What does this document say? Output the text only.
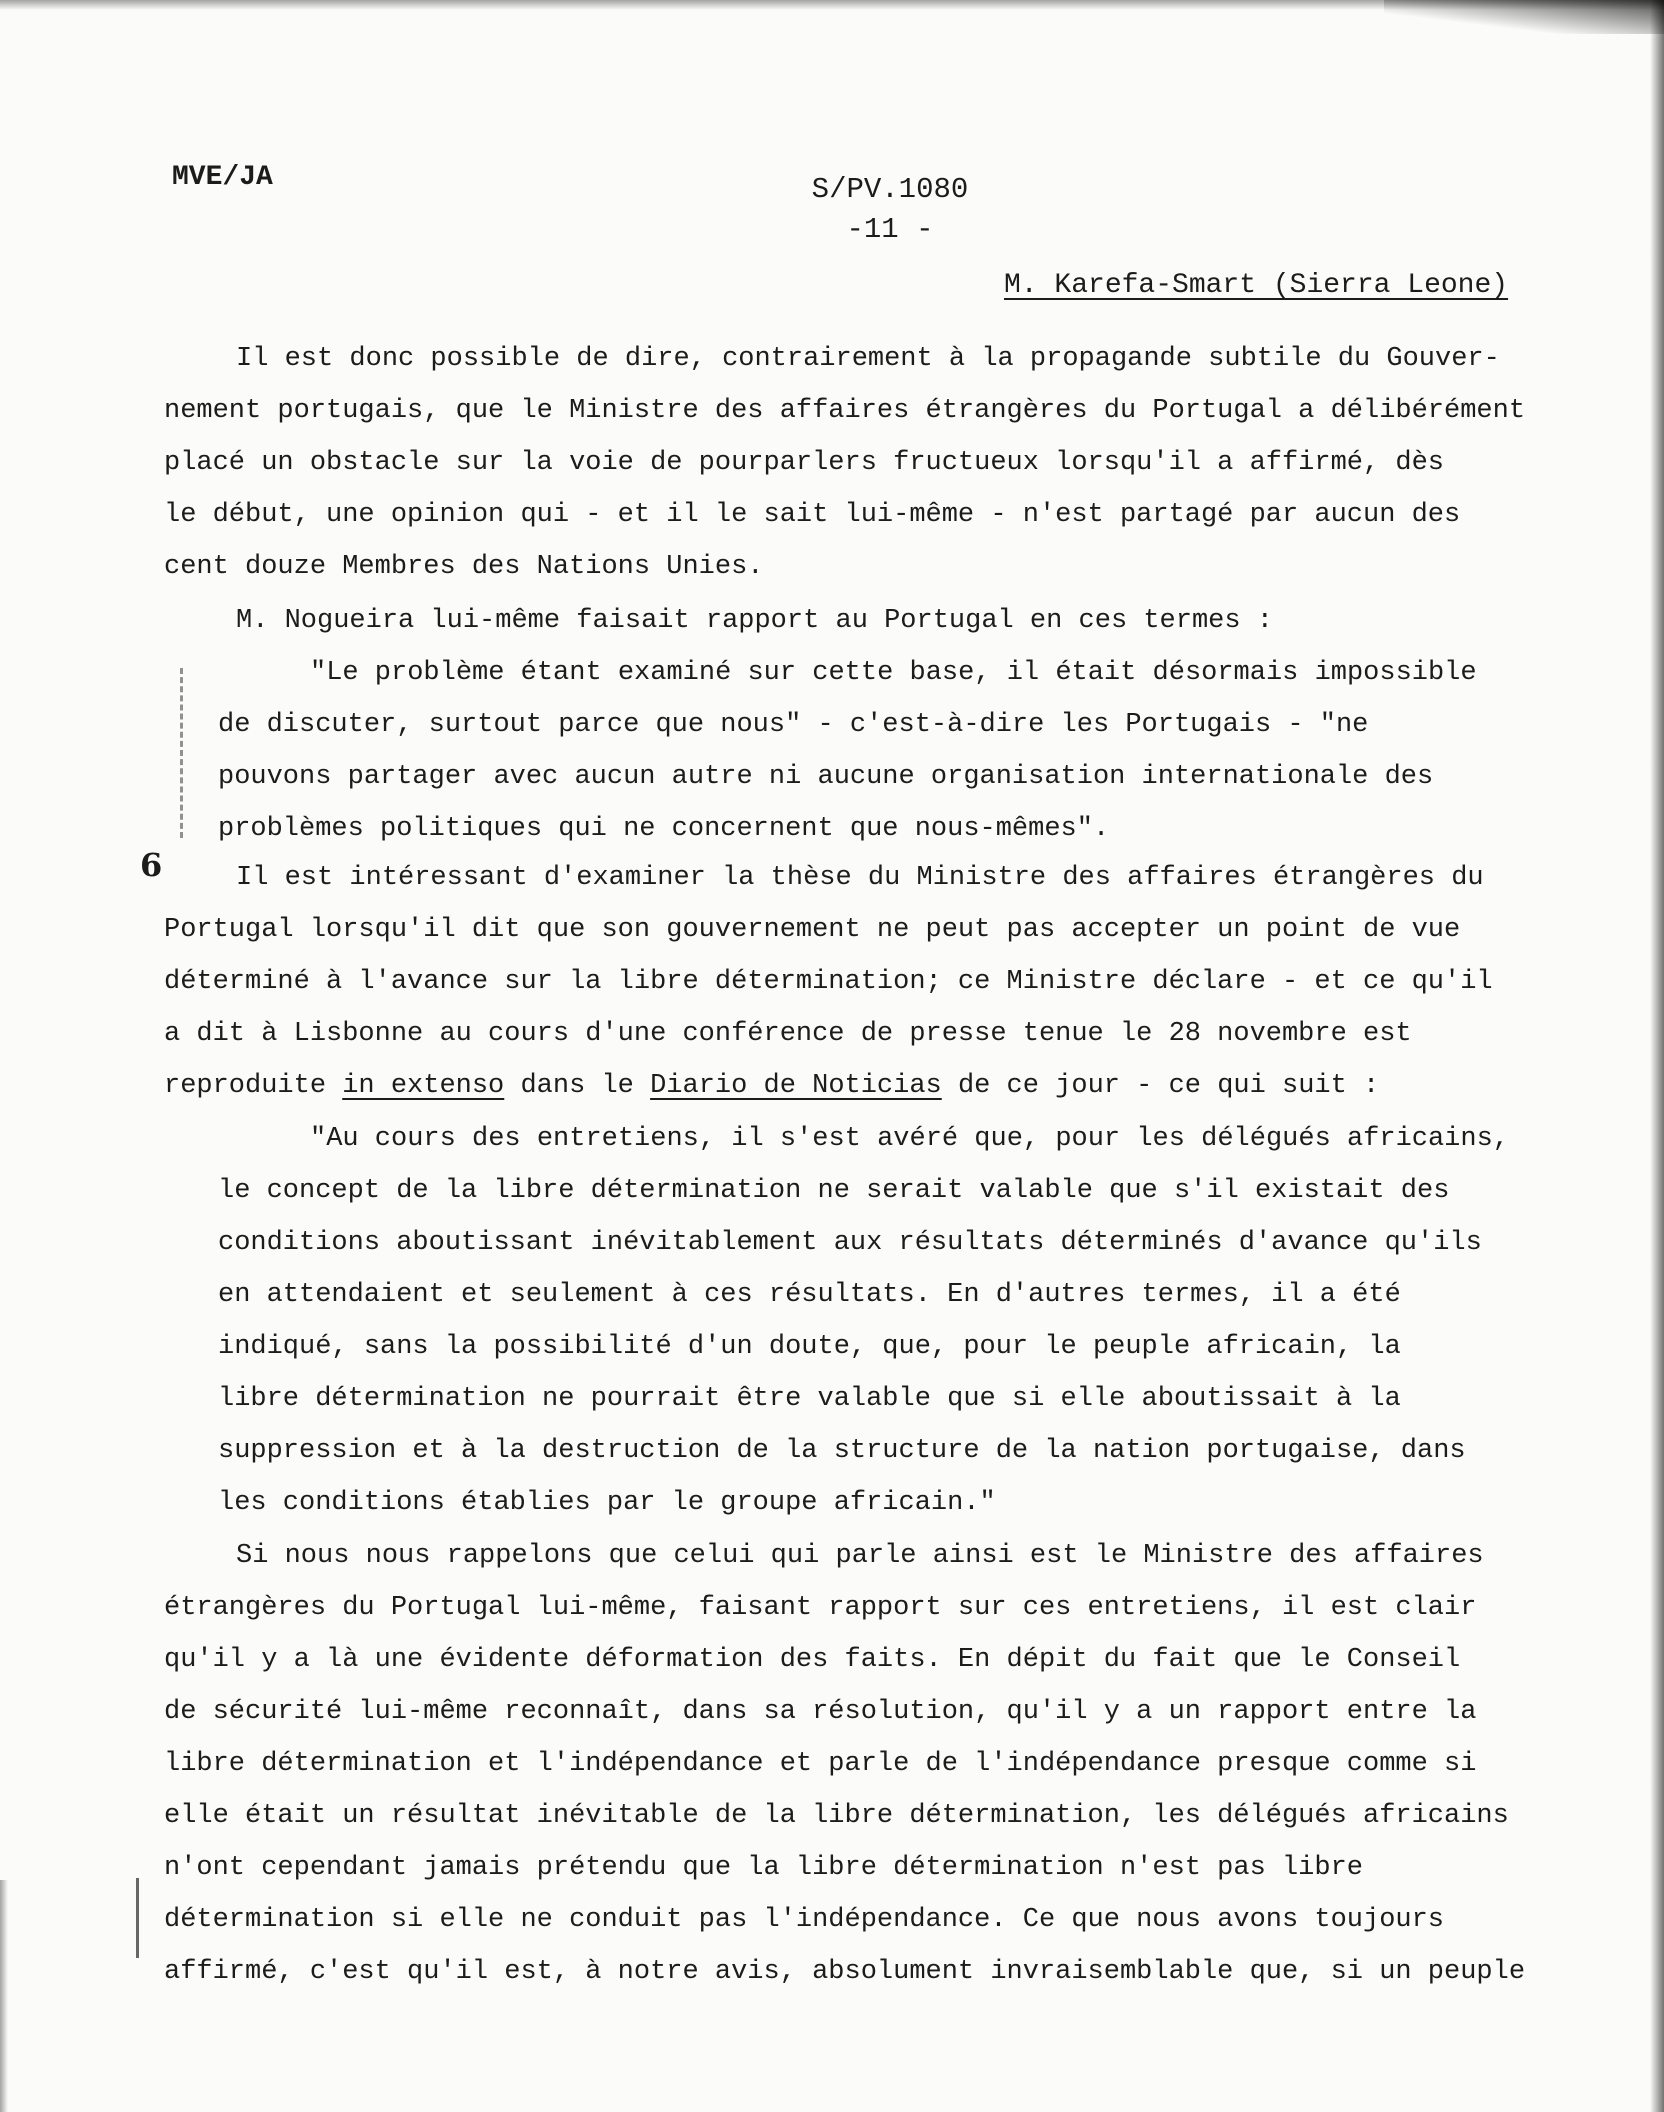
MVE/JA	S/PV.1080
-11 -
M. Karefa-Smart (Sierra Leone)
Il est donc possible de dire, contrairement à la propagande subtile du Gouver-
nement portugais, que le Ministre des affaires étrangères du Portugal a délibérément
placé un obstacle sur la voie de pourparlers fructueux lorsqu'il a affirmé, dès
le début, une opinion qui - et il le sait lui-même - n'est partagé par aucun des
cent douze Membres des Nations Unies.
M. Nogueira lui-même faisait rapport au Portugal en ces termes :
"Le problème étant examiné sur cette base, il était désormais impossible
de discuter, surtout parce que nous" - c'est-à-dire les Portugais - "ne
pouvons partager avec aucun autre ni aucune organisation internationale des
problèmes politiques qui ne concernent que nous-mêmes".
6	Il est intéressant d'examiner la thèse du Ministre des affaires étrangères du
Portugal lorsqu'il dit que son gouvernement ne peut pas accepter un point de vue
déterminé à l'avance sur la libre détermination; ce Ministre déclare - et ce qu'il
a dit à Lisbonne au cours d'une conférence de presse tenue le 28 novembre est
reproduite in extenso dans le Diario de Noticias de ce jour - ce qui suit :
"Au cours des entretiens, il s'est avéré que, pour les délégués africains,
le concept de la libre détermination ne serait valable que s'il existait des
conditions aboutissant inévitablement aux résultats déterminés d'avance qu'ils
en attendaient et seulement à ces résultats. En d'autres termes, il a été
indiqué, sans la possibilité d'un doute, que, pour le peuple africain, la
libre détermination ne pourrait être valable que si elle aboutissait à la
suppression et à la destruction de la structure de la nation portugaise, dans
les conditions établies par le groupe africain."
Si nous nous rappelons que celui qui parle ainsi est le Ministre des affaires
étrangères du Portugal lui-même, faisant rapport sur ces entretiens, il est clair
qu'il y a là une évidente déformation des faits. En dépit du fait que le Conseil
de sécurité lui-même reconnaît, dans sa résolution, qu'il y a un rapport entre la
libre détermination et l'indépendance et parle de l'indépendance presque comme si
elle était un résultat inévitable de la libre détermination, les délégués africains
n'ont cependant jamais prétendu que la libre détermination n'est pas libre
détermination si elle ne conduit pas l'indépendance. Ce que nous avons toujours
affirmé, c'est qu'il est, à notre avis, absolument invraisemblable que, si un peuple
